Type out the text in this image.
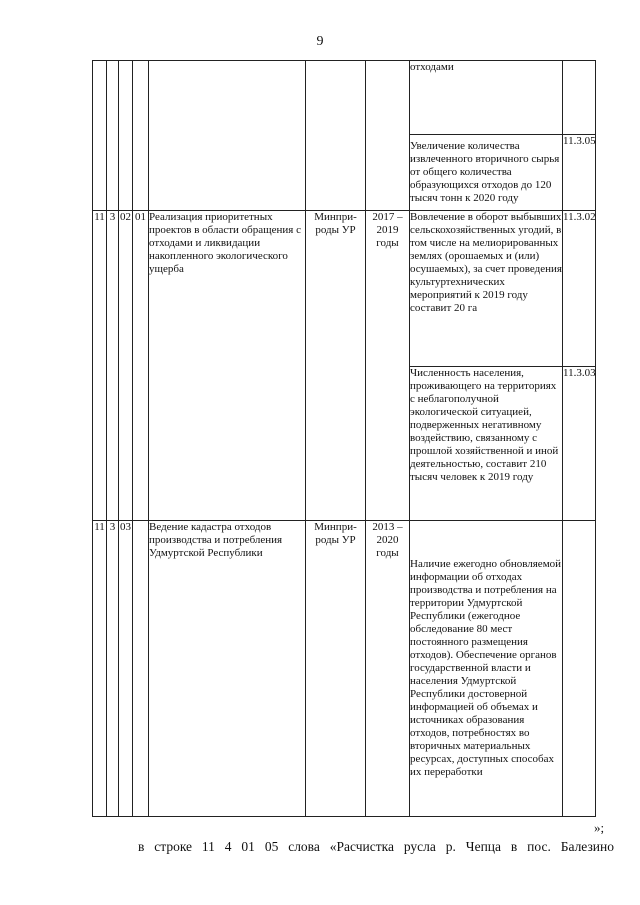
9
							отходами	
							Увеличение количества извлеченного вторичного сырья от общего количества образующихся отходов до 120 тысяч тонн к 2020 году	11.3.05
11	3	02	01	Реализация приоритетных проектов в области обращения с отходами и ликвидации накопленного экологического ущерба	Минпри-роды УР	2017 – 2019 годы	Вовлечение в оборот выбывших сельскохозяйственных угодий, в том числе на мелиорированных землях (орошаемых и (или) осушаемых), за счет проведения культуртехнических мероприятий к 2019 году составит 20 га	11.3.02
							Численность населения, проживающего на территориях с неблагополучной экологической ситуацией, подверженных негативному воздействию, связанному с прошлой хозяйственной и иной деятельностью, составит 210 тысяч человек к 2019 году	11.3.03
11	3	03		Ведение кадастра отходов производства и потребления Удмуртской Республики	Минпри-роды УР	2013 – 2020 годы	Наличие ежегодно обновляемой информации об отходах производства и потребления на территории Удмуртской Республики (ежегодное обследование 80 мест постоянного размещения отходов). Обеспечение органов государственной власти и населения Удмуртской Республики достоверной информацией об объемах и источниках образования отходов, потребностях во вторичных материальных ресурсах, доступных способах их переработки	
»;
в строке 11 4 01 05 слова «Расчистка русла р. Чепца в пос. Балезино
